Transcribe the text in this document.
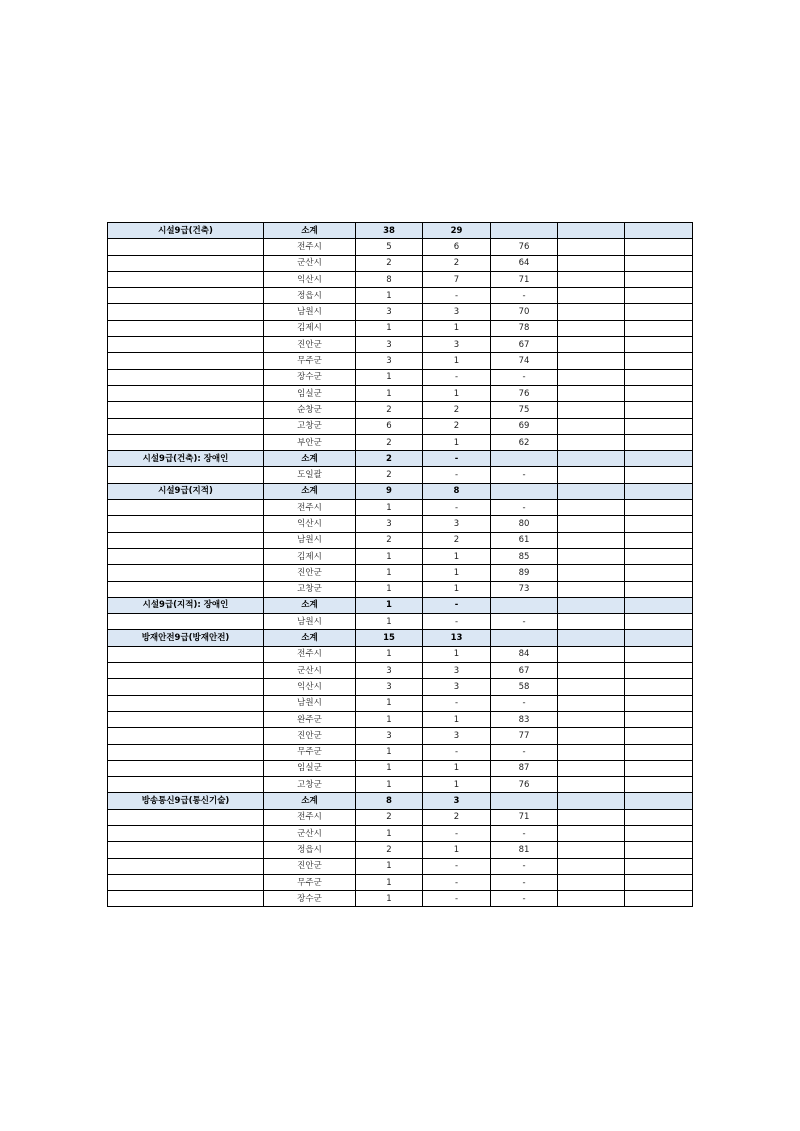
시설9급(건축)	소계	38	29			
	전주시	5	6	76		
	군산시	2	2	64		
	익산시	8	7	71		
	정읍시	1	-	-		
	남원시	3	3	70		
	김제시	1	1	78		
	진안군	3	3	67		
	무주군	3	1	74		
	장수군	1	-	-		
	임실군	1	1	76		
	순창군	2	2	75		
	고창군	6	2	69		
	부안군	2	1	62		
시설9급(건축): 장애인	소계	2	-			
	도일괄	2	-	-		
시설9급(지적)	소계	9	8			
	전주시	1	-	-		
	익산시	3	3	80		
	남원시	2	2	61		
	김제시	1	1	85		
	진안군	1	1	89		
	고창군	1	1	73		
시설9급(지적): 장애인	소계	1	-			
	남원시	1	-	-		
방재안전9급(방재안전)	소계	15	13			
	전주시	1	1	84		
	군산시	3	3	67		
	익산시	3	3	58		
	남원시	1	-	-		
	완주군	1	1	83		
	진안군	3	3	77		
	무주군	1	-	-		
	임실군	1	1	87		
	고창군	1	1	76		
방송통신9급(통신기술)	소계	8	3			
	전주시	2	2	71		
	군산시	1	-	-		
	정읍시	2	1	81		
	진안군	1	-	-		
	무주군	1	-	-		
	장수군	1	-	-		
